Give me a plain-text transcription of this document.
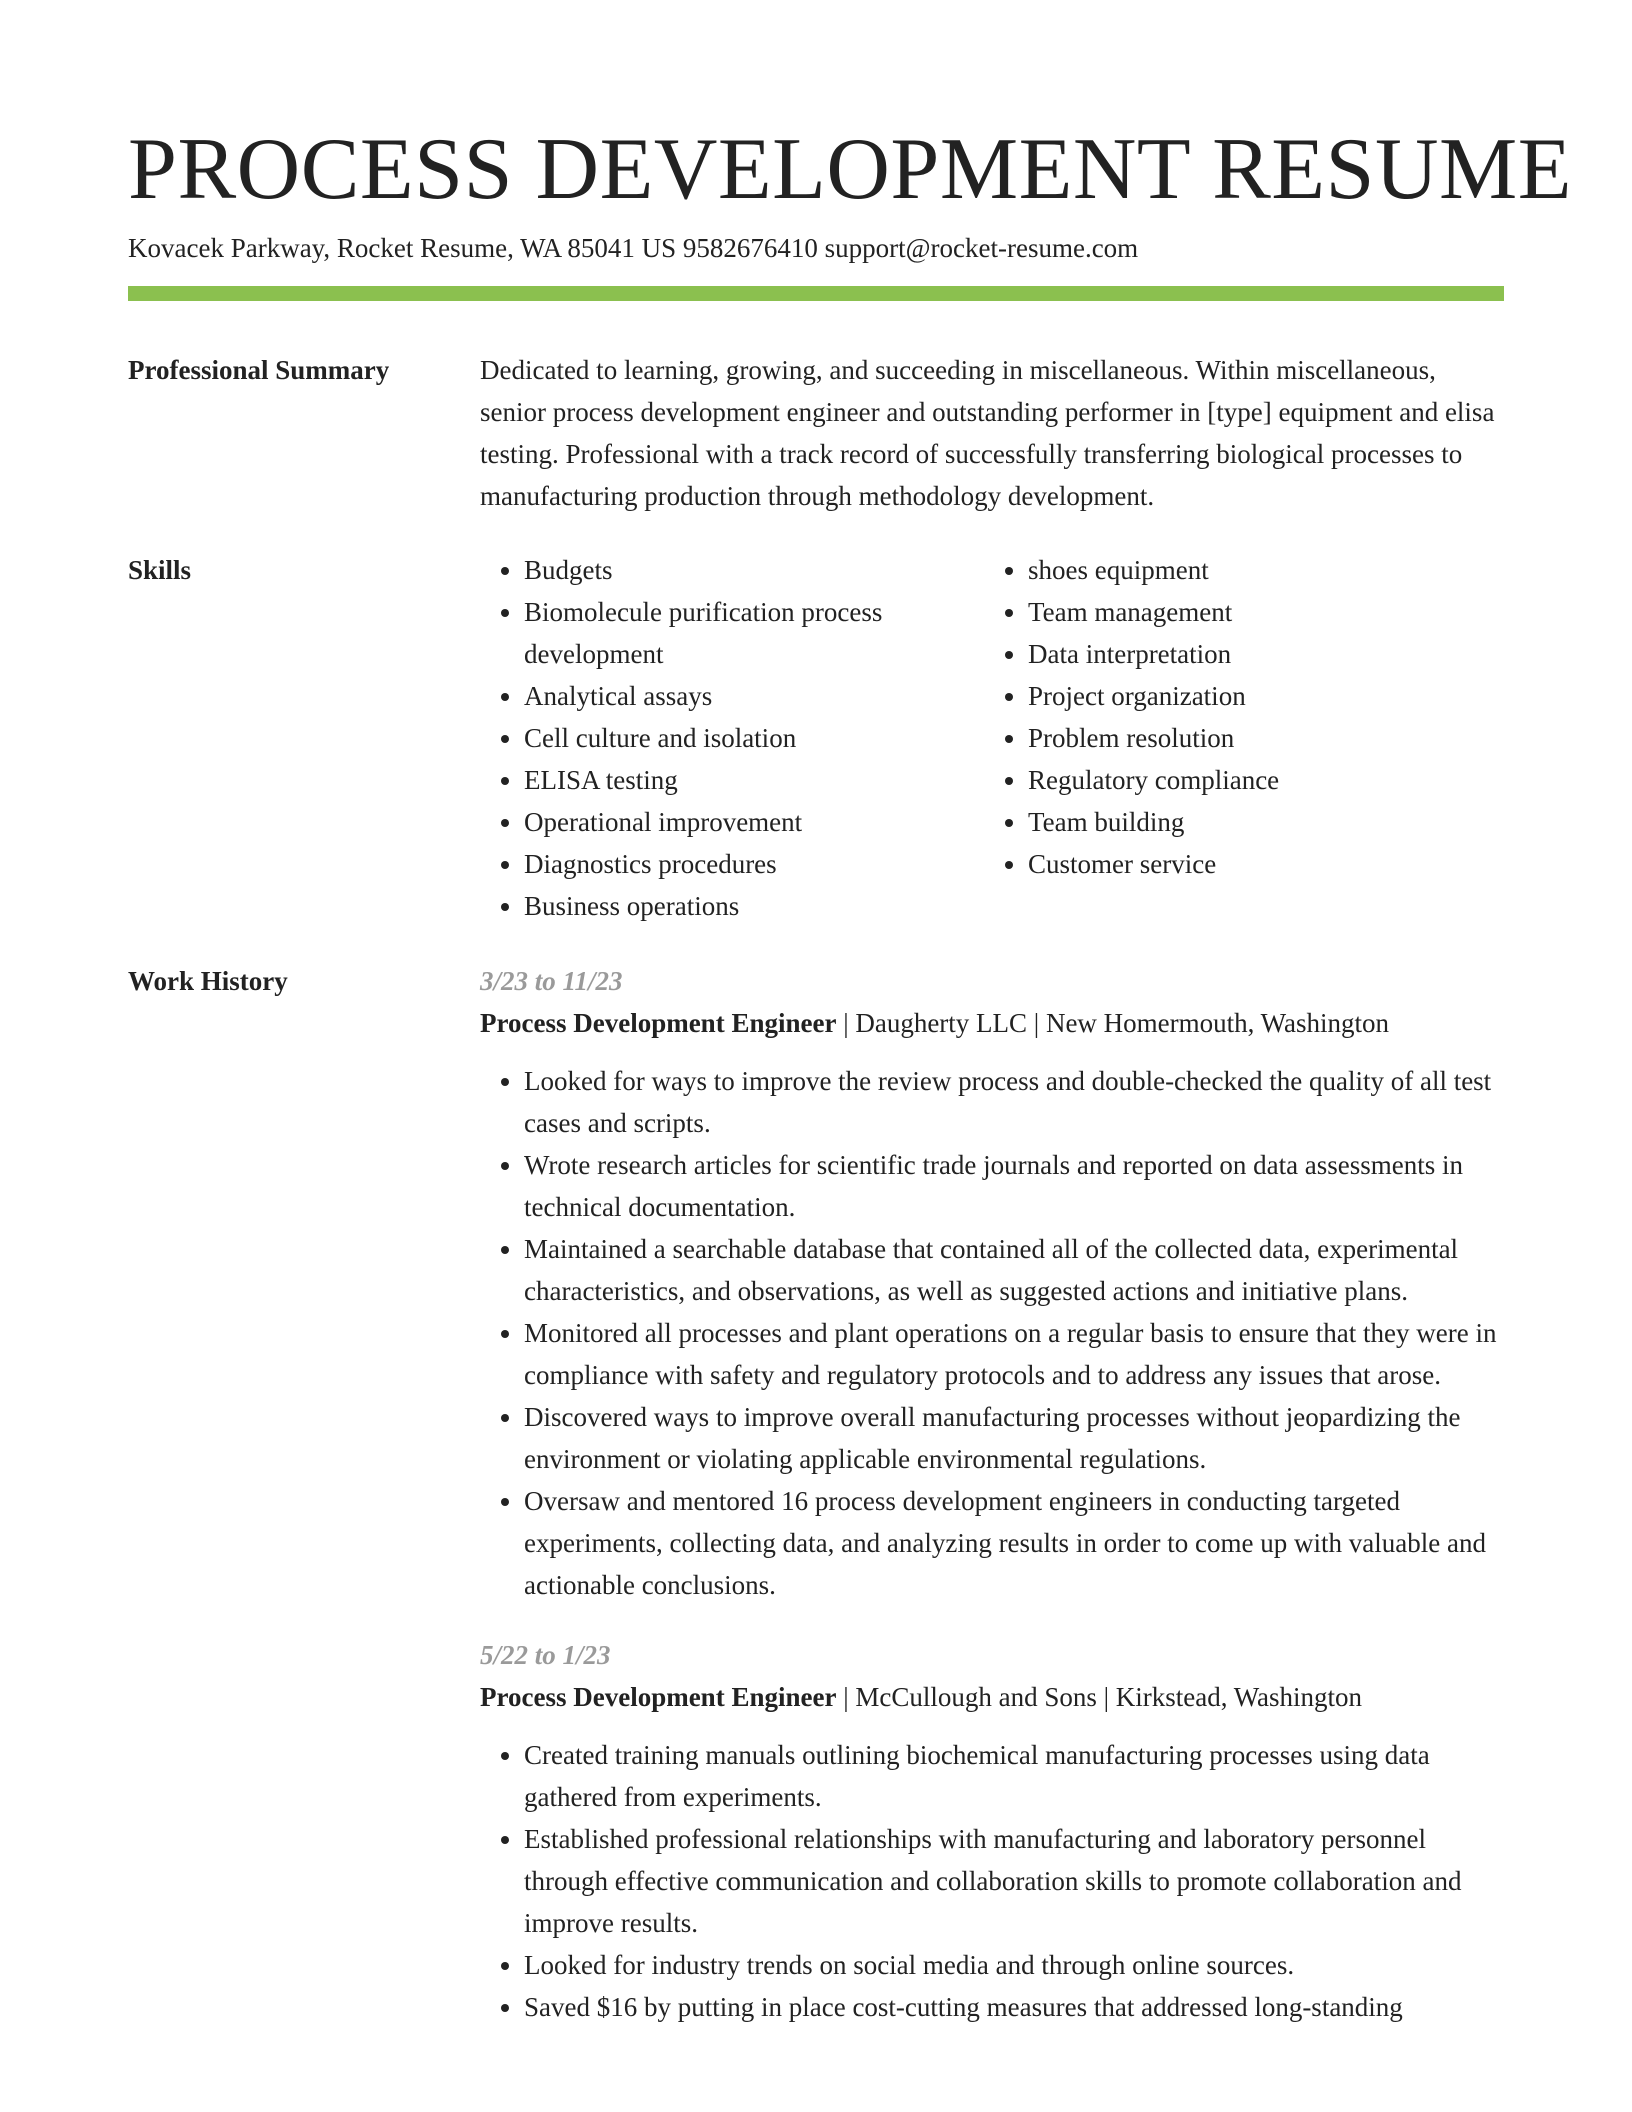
PROCESS DEVELOPMENT RESUME
Kovacek Parkway, Rocket Resume, WA 85041 US 9582676410 support@rocket-resume.com
Professional Summary	Dedicated to learning, growing, and succeeding in miscellaneous. Within miscellaneous, senior process development engineer and outstanding performer in [type] equipment and elisa testing. Professional with a track record of successfully transferring biological processes to manufacturing production through methodology development.

Skills
•	Budgets
• Biomolecule purification process development
• Analytical assays
• Cell culture and isolation
• ELISA testing
• Operational improvement
• Diagnostics procedures
• Business operations
• shoes equipment
• Team management
• Data interpretation
• Project organization
• Problem resolution
• Regulatory compliance
• Team building
• Customer service
Work History	3/23 to 11/23
Process Development Engineer | Daugherty LLC | New Homermouth, Washington
• Looked for ways to improve the review process and double-checked the quality of all test cases and scripts.
• Wrote research articles for scientific trade journals and reported on data assessments in technical documentation.
• Maintained a searchable database that contained all of the collected data, experimental characteristics, and observations, as well as suggested actions and initiative plans.
• Monitored all processes and plant operations on a regular basis to ensure that they were in compliance with safety and regulatory protocols and to address any issues that arose.
• Discovered ways to improve overall manufacturing processes without jeopardizing the environment or violating applicable environmental regulations.
• Oversaw and mentored 16 process development engineers in conducting targeted experiments, collecting data, and analyzing results in order to come up with valuable and actionable conclusions.
5/22 to 1/23
Process Development Engineer | McCullough and Sons | Kirkstead, Washington
• Created training manuals outlining biochemical manufacturing processes using data gathered from experiments.
• Established professional relationships with manufacturing and laboratory personnel through effective communication and collaboration skills to promote collaboration and improve results.
• Looked for industry trends on social media and through online sources.
• Saved $16 by putting in place cost-cutting measures that addressed long-standing
